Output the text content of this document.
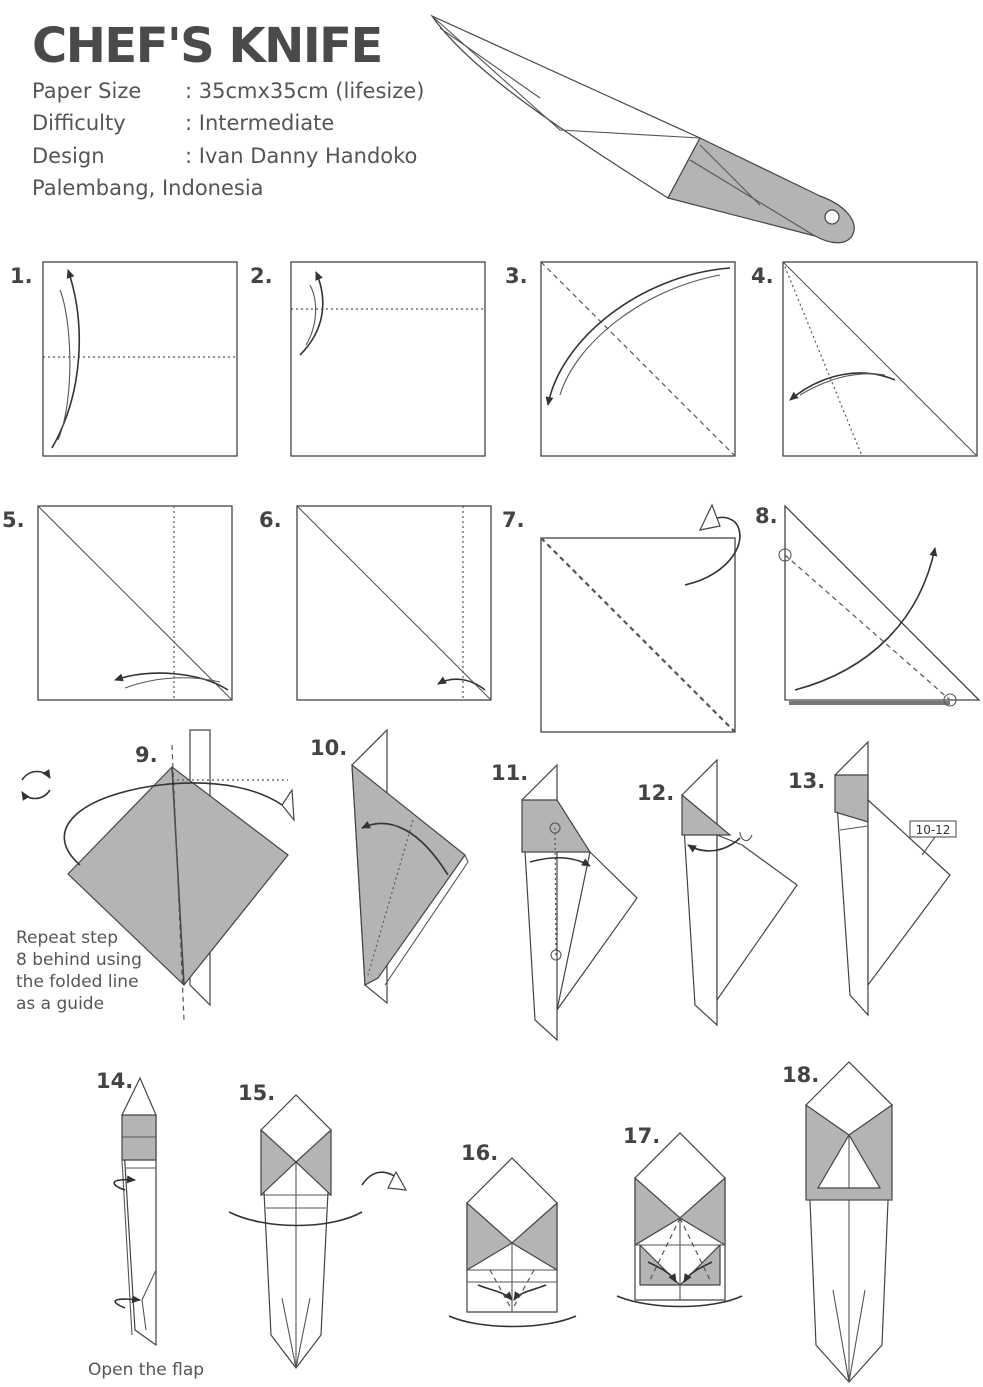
CHEF'S KNIFE
Paper Size : 35cmx35cm (lifesize)
Difficulty	: Intermediate
Design	: Ivan Danny Handoko
Palembang, Indonesia
1.	2.	3.	4.
5.	6.	7.	8.
9.	10.
11.
12.	13.
14.	15.
16.
17.
18.
Repeat step
8 behind using
the folded line
as a guide
10-12
Open the flap
